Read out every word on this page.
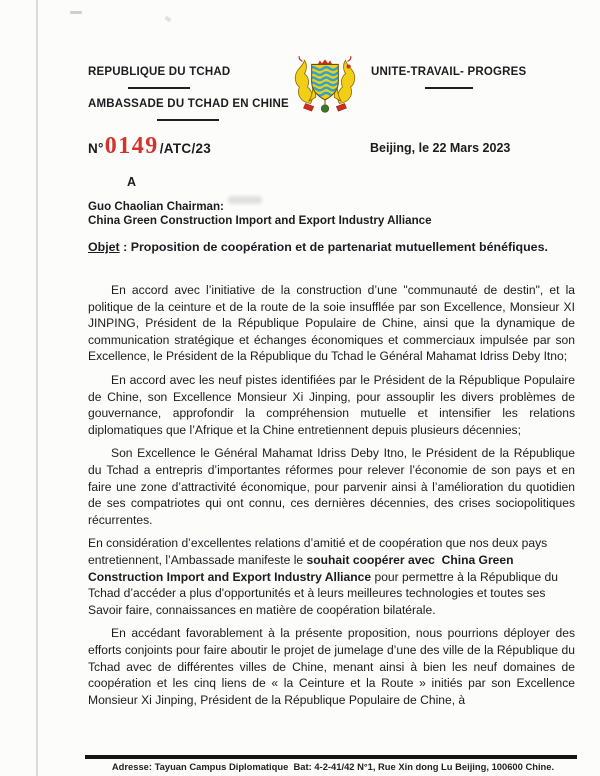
REPUBLIQUE DU TCHAD
AMBASSADE DU TCHAD EN CHINE
UNITE-TRAVAIL- PROGRES
N° 0149 /ATC/23	Beijing, le 22 Mars 2023
A
Guo Chaolian Chairman:
China Green Construction Import and Export Industry Alliance
Objet : Proposition de coopération et de partenariat mutuellement bénéfiques.

En accord avec l’initiative de la construction d’une "communauté de destin", et la politique de la ceinture et de la route de la soie insufflée par son Excellence, Monsieur XI JINPING, Président de la République Populaire de Chine, ainsi que la dynamique de communication stratégique et échanges économiques et commerciaux impulsée par son Excellence, le Président de la République du Tchad le Général Mahamat Idriss Deby Itno;

En accord avec les neuf pistes identifiées par le Président de la République Populaire de Chine, son Excellence Monsieur Xi Jinping, pour assouplir les divers problèmes de gouvernance, approfondir la compréhension mutuelle et intensifier les relations diplomatiques que l’Afrique et la Chine entretiennent depuis plusieurs décennies;

Son Excellence le Général Mahamat Idriss Deby Itno, le Président de la République du Tchad a entrepris d’importantes réformes pour relever l’économie de son pays et en faire une zone d’attractivité économique, pour parvenir ainsi à l’amélioration du quotidien de ses compatriotes qui ont connu, ces dernières décennies, des crises sociopolitiques récurrentes.

En considération d’excellentes relations d’amitié et de coopération que nos deux pays entretiennent, l’Ambassade manifeste le souhait coopérer avec  China Green Construction Import and Export Industry Alliance pour permettre à la République du Tchad d’accéder a plus d'opportunités et à leurs meilleures technologies et toutes ses Savoir faire, connaissances en matière de coopération bilatérale.

En accédant favorablement à la présente proposition, nous pourrions déployer des efforts conjoints pour faire aboutir le projet de jumelage d’une des ville de la République du Tchad avec de différentes villes de Chine, menant ainsi à bien les neuf domaines de coopération et les cinq liens de « la Ceinture et la Route » initiés par son Excellence Monsieur Xi Jinping, Président de la République Populaire de Chine, à

Adresse: Tayuan Campus Diplomatique  Bat: 4-2-41/42 N°1, Rue Xin dong Lu Beijing, 100600 Chine.
